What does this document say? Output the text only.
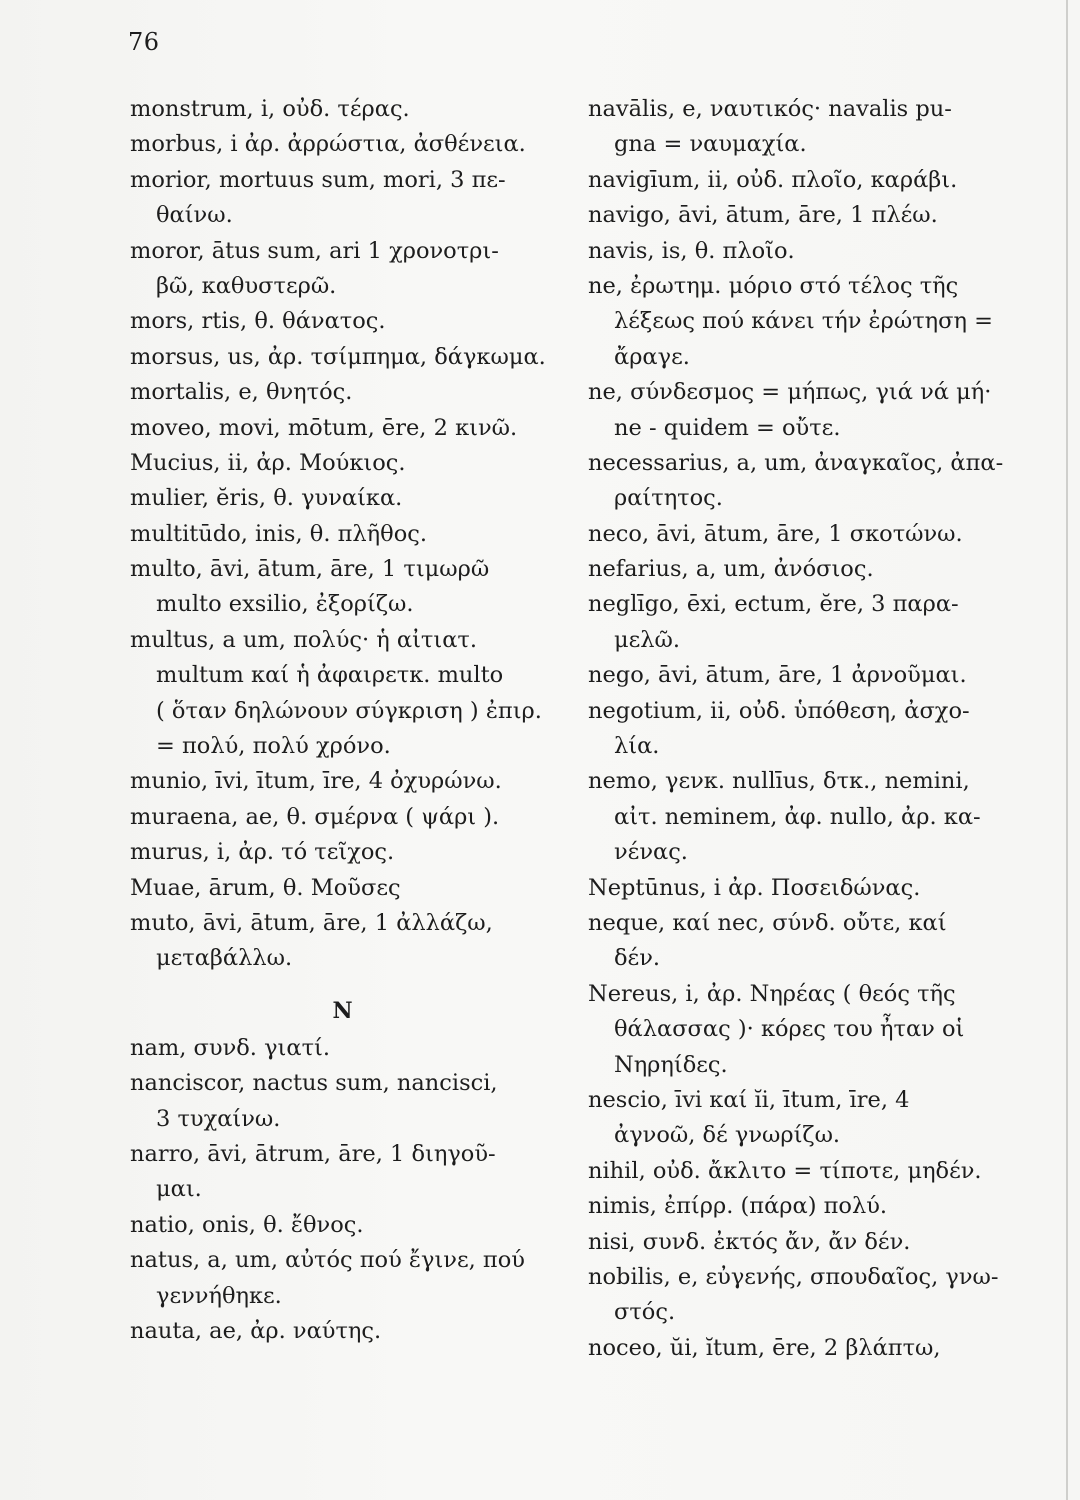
76
monstrum, i, οὐδ. τέρας.
morbus, i ἀρ. ἀρρώστια, ἀσθένεια.
morior, mortuus sum, mori, 3 πε-
θαίνω.
moror, ātus sum, ari 1 χρονοτρι-
βῶ, καθυστερῶ.
mors, rtis, θ. θάνατος.
morsus, us, ἀρ. τσίμπημα, δάγκωμα.
mortalis, e, θνητός.
moveo, movi, mōtum, ēre, 2 κινῶ.
Mucius, ii, ἀρ. Μούκιος.
mulier, ĕris, θ. γυναίκα.
multitūdo, inis, θ. πλῆθος.
multo, āvi, ātum, āre, 1 τιμωρῶ
multo exsilio, ἐξορίζω.
multus, a um, πολύς· ἡ αἰτιατ.
multum καί ἡ ἀφαιρετκ. multo
( ὅταν δηλώνουν σύγκριση ) ἐπιρ.
= πολύ, πολύ χρόνο.
munio, īvi, ītum, īre, 4 ὀχυρώνω.
muraena, ae, θ. σμέρνα ( ψάρι ).
murus, i, ἀρ. τό τεῖχος.
Muae, ārum, θ. Μοῦσες
muto, āvi, ātum, āre, 1 ἀλλάζω,
μεταβάλλω.
N
nam, συνδ. γιατί.
nanciscor, nactus sum, nancisci,
3 τυχαίνω.
narro, āvi, ātrum, āre, 1 διηγοῦ-
μαι.
natio, onis, θ. ἔθνος.
natus, a, um, αὐτός πού ἔγινε, πού
γεννήθηκε.
nauta, ae, ἀρ. ναύτης.
navālis, e, ναυτικός· navalis pu-
gna = ναυμαχία.
navigīum, ii, οὐδ. πλοῖο, καράβι.
navigo, āvi, ātum, āre, 1 πλέω.
navis, is, θ. πλοῖο.
ne, ἐρωτημ. μόριο στό τέλος τῆς
λέξεως πού κάνει τήν ἐρώτηση =
ἄραγε.
ne, σύνδεσμος = μήπως, γιά νά μή·
ne - quidem = οὔτε.
necessarius, a, um, ἀναγκαῖος, ἀπα-
ραίτητος.
neco, āvi, ātum, āre, 1 σκοτώνω.
nefarius, a, um, ἀνόσιος.
neglīgo, ēxi, ectum, ĕre, 3 παρα-
μελῶ.
nego, āvi, ātum, āre, 1 ἀρνοῦμαι.
negotium, ii, οὐδ. ὑπόθεση, ἀσχο-
λία.
nemo, γενκ. nullīus, δτκ., nemini,
αἰτ. neminem, ἀφ. nullo, ἀρ. κα-
νένας.
Neptūnus, i ἀρ. Ποσειδώνας.
neque, καί nec, σύνδ. οὔτε, καί
δέν.
Nereus, i, ἀρ. Νηρέας ( θεός τῆς
θάλασσας )· κόρες του ἦταν οἱ
Νηρηίδες.
nescio, īvi καί ĭi, ītum, īre, 4
ἀγνοῶ, δέ γνωρίζω.
nihil, οὐδ. ἄκλιτο = τίποτε, μηδέν.
nimis, ἐπίρρ. (πάρα) πολύ.
nisi, συνδ. ἐκτός ἄν, ἄν δέν.
nobilis, e, εὐγενής, σπουδαῖος, γνω-
στός.
noceo, ŭi, ĭtum, ēre, 2 βλάπτω,
